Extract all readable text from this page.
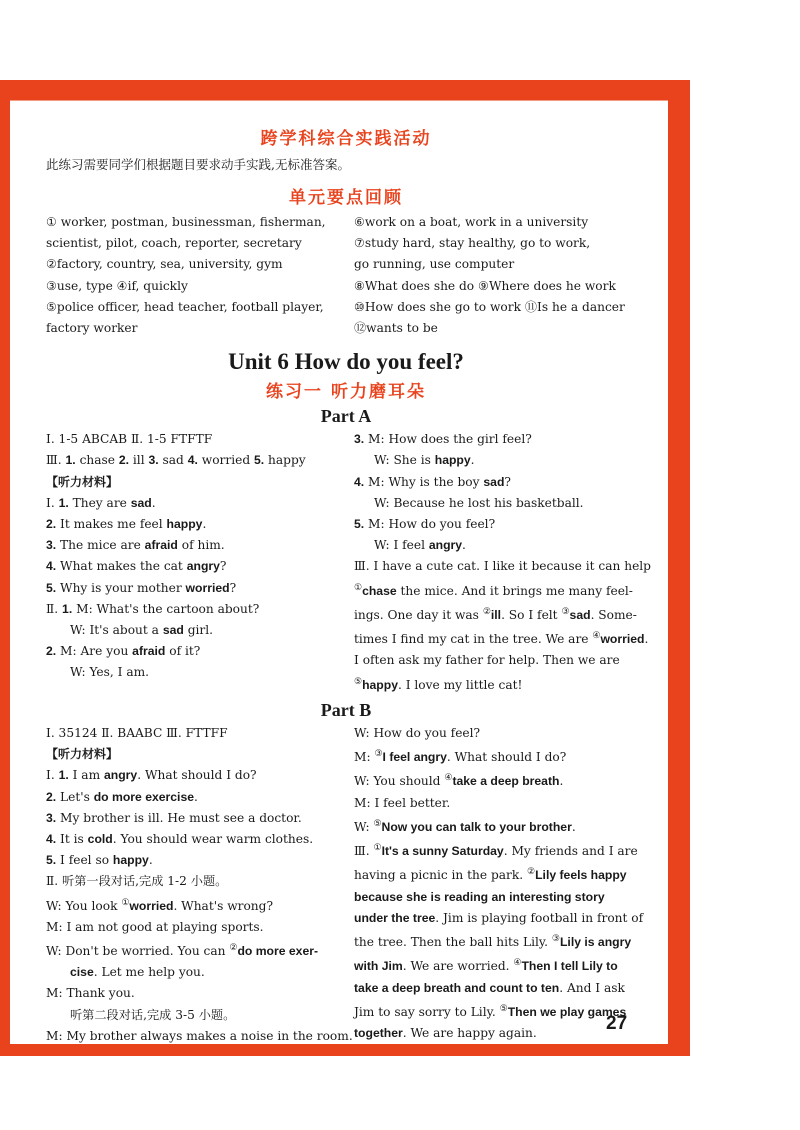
跨学科综合实践活动

此练习需要同学们根据题目要求动手实践,无标准答案。

单元要点回顾

① worker, postman, businessman, fisherman,

scientist, pilot, coach, reporter, secretary

②factory, country, sea, university, gym

③use, type ④if, quickly

⑤police officer, head teacher, football player,

factory worker

⑥work on a boat, work in a university

⑦study hard, stay healthy, go to work,

go running, use computer

⑧What does she do ⑨Where does he work

⑩How does she go to work ⑪Is he a dancer

⑫wants to be

Unit 6 How do you feel?
练习一 听力磨耳朵
Part A

Ⅰ. 1-5 ABCAB Ⅱ. 1-5 FTFTF

Ⅲ. 1. chase 2. ill 3. sad 4. worried 5. happy

【听力材料】

Ⅰ. 1. They are sad.

2. It makes me feel happy.

3. The mice are afraid of him.

4. What makes the cat angry?

5. Why is your mother worried?

Ⅱ. 1. M: What's the cartoon about?

W: It's about a sad girl.

2. M: Are you afraid of it?

W: Yes, I am.

3. M: How does the girl feel?

W: She is happy.

4. M: Why is the boy sad?

W: Because he lost his basketball.

5. M: How do you feel?

W: I feel angry.

Ⅲ. I have a cute cat. I like it because it can help

①chase the mice. And it brings me many feel-

ings. One day it was ②ill. So I felt ③sad. Some-

times I find my cat in the tree. We are ④worried.

I often ask my father for help. Then we are

⑤happy. I love my little cat!

Part B

Ⅰ. 35124 Ⅱ. BAABC Ⅲ. FTTFF

【听力材料】

Ⅰ. 1. I am angry. What should I do?

2. Let's do more exercise.

3. My brother is ill. He must see a doctor.

4. It is cold. You should wear warm clothes.

5. I feel so happy.

Ⅱ. 听第一段对话,完成 1-2 小题。

W: You look ①worried. What's wrong?

M: I am not good at playing sports.

W: Don't be worried. You can ②do more exer-

cise. Let me help you.

M: Thank you.

听第二段对话,完成 3-5 小题。

M: My brother always makes a noise in the room.

W: How do you feel?

M: ③I feel angry. What should I do?

W: You should ④take a deep breath.

M: I feel better.

W: ⑤Now you can talk to your brother.

Ⅲ. ①It's a sunny Saturday. My friends and I are

having a picnic in the park. ②Lily feels happy

because she is reading an interesting story

under the tree. Jim is playing football in front of

the tree. Then the ball hits Lily. ③Lily is angry

with Jim. We are worried. ④Then I tell Lily to

take a deep breath and count to ten. And I ask

Jim to say sorry to Lily. ⑤Then we play games

together. We are happy again.	27
